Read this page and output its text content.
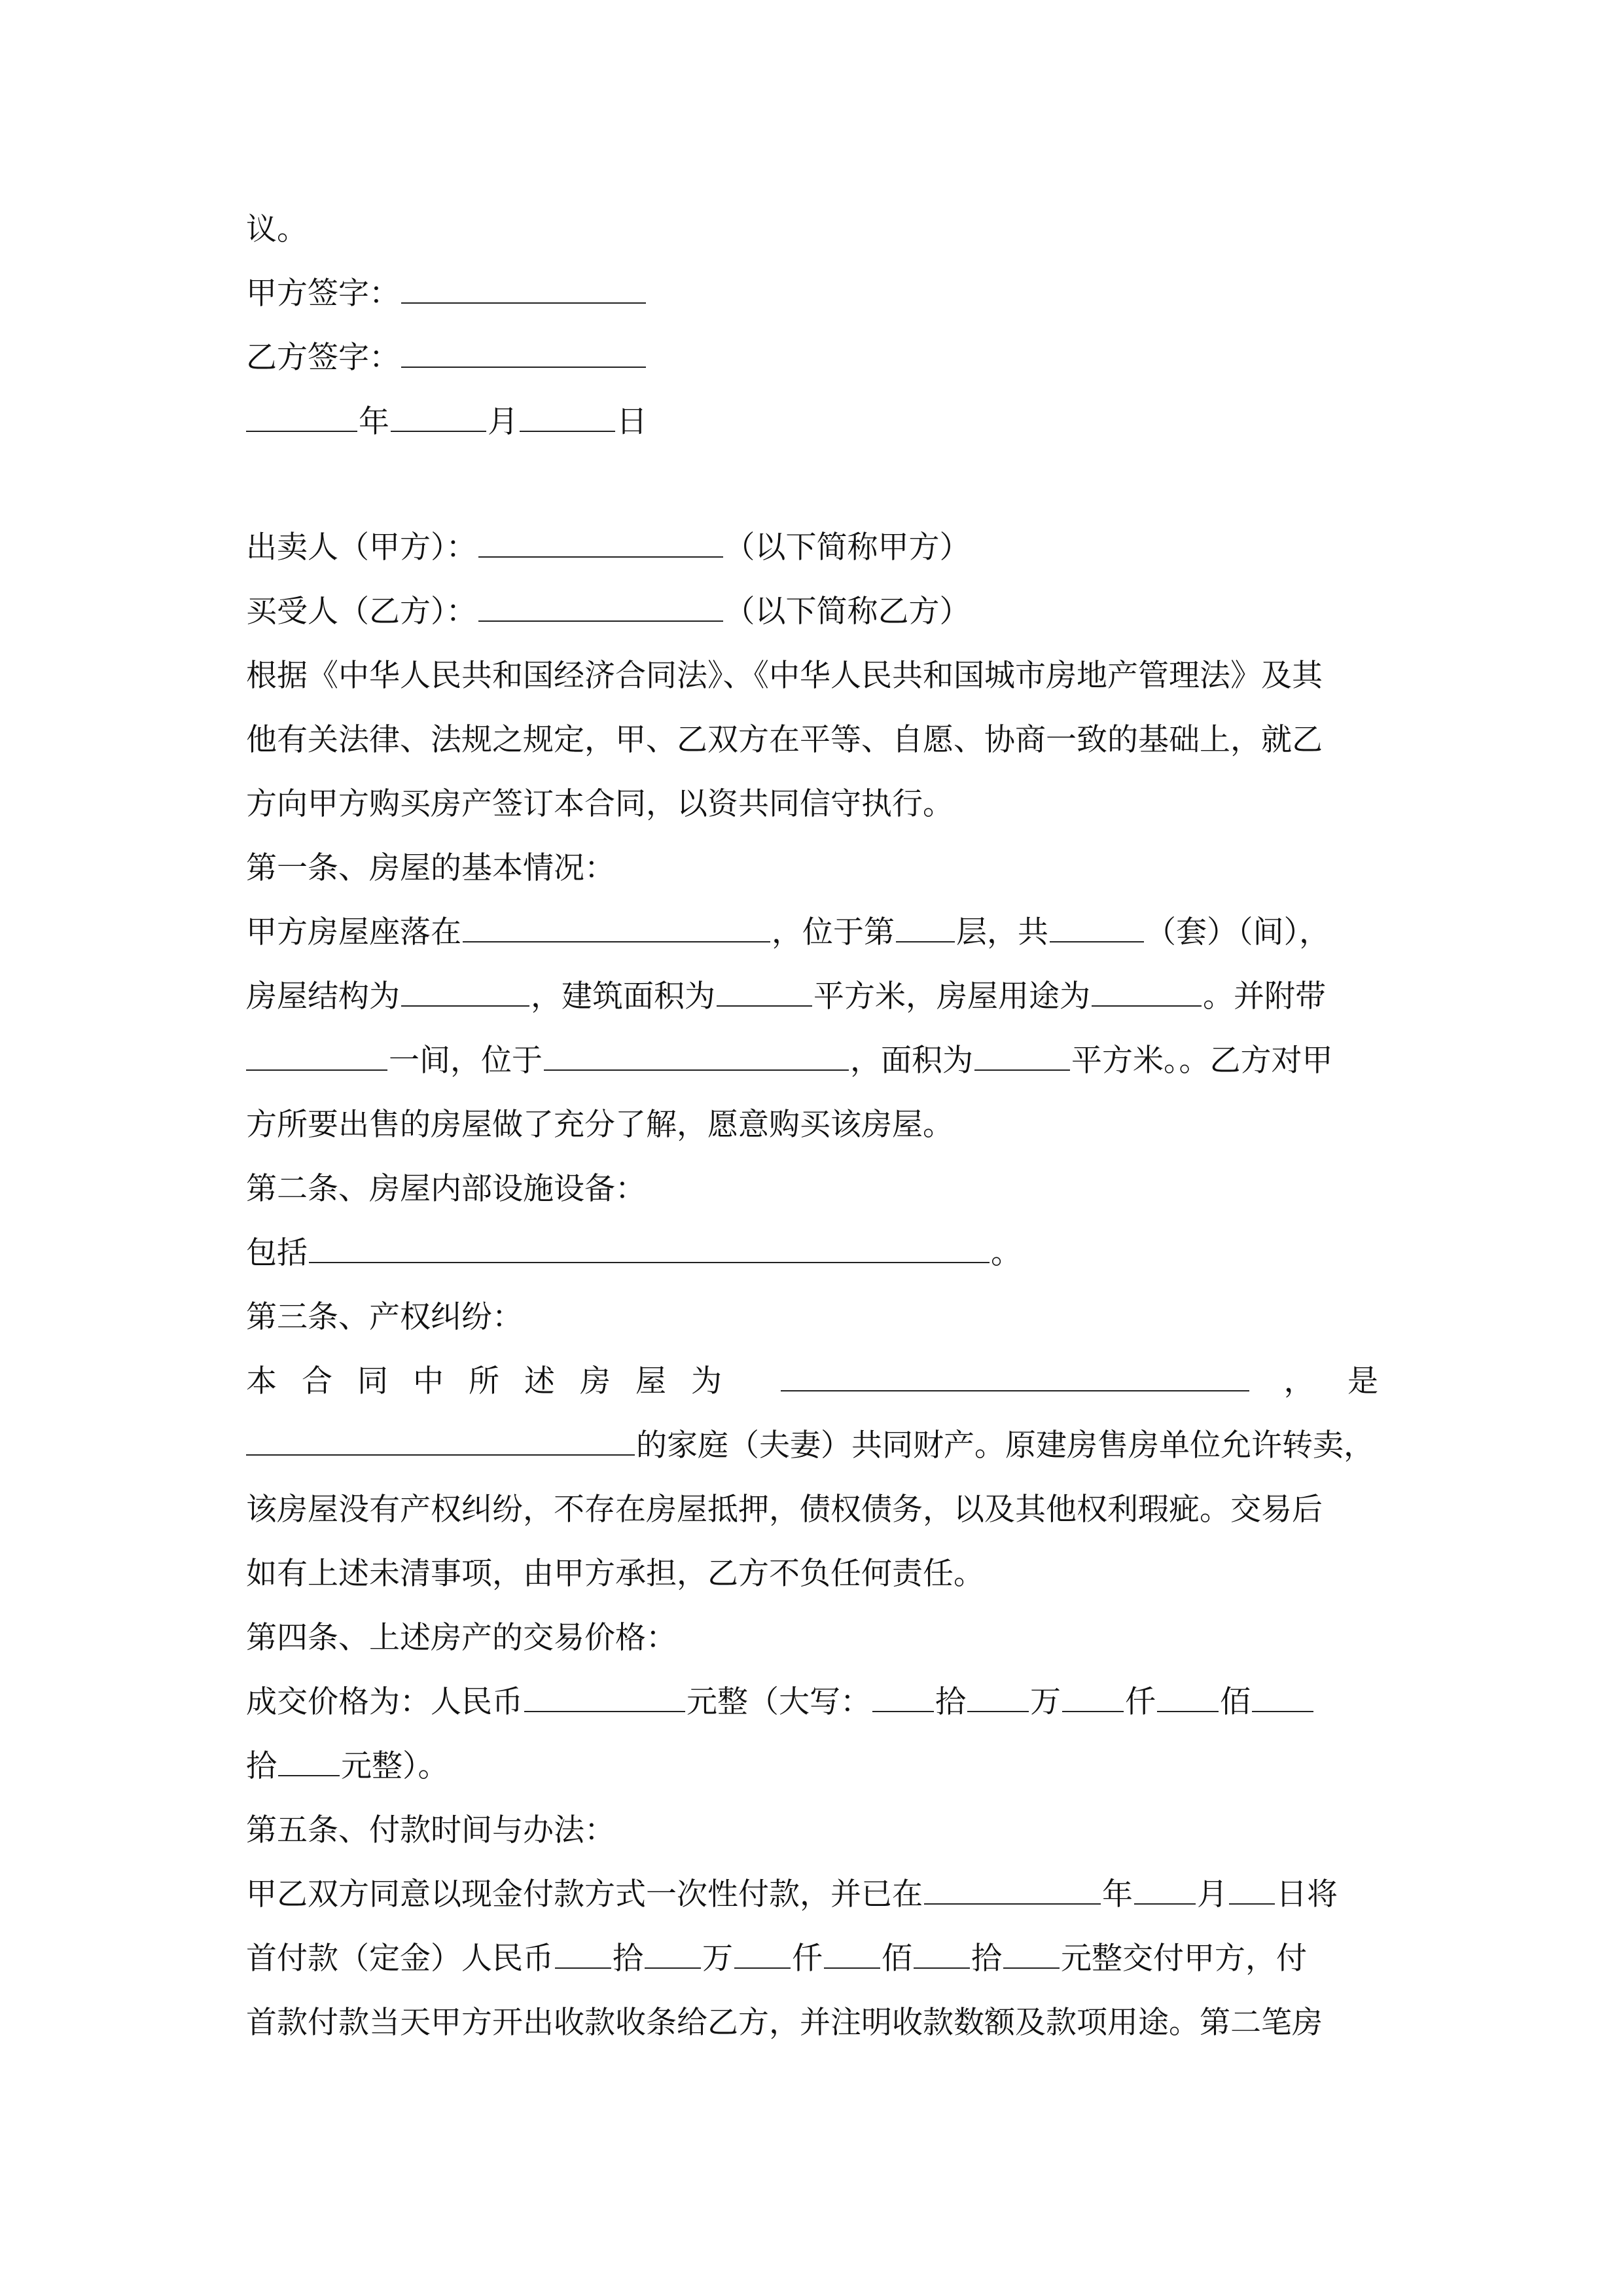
议。
甲方签字：
乙方签字：
年	月	日
出卖人（甲方）：	（以下简称甲方）
买受人（乙方）：	（以下简称乙方）
根据《中华人民共和国经济合同法》、《中华人民共和国城市房地产管理法》及其
他有关法律、法规之规定，甲、乙双方在平等、自愿、协商一致的基础上，就乙
方向甲方购买房产签订本合同，以资共同信守执行。
第一条、房屋的基本情况：
甲方房屋座落在	，位于第 层，共	（套）（间），
房屋结构为	，建筑面积为	平方米，房屋用途为	。并附带
一间，位于	，面积为	平方米。。乙方对甲
方所要出售的房屋做了充分了解，愿意购买该房屋。
第二条、房屋内部设施设备：
包括	。
第三条、产权纠纷：
本合同中所述房屋为	， 是
的家庭（夫妻）共同财产。原建房售房单位允许转卖，
该房屋没有产权纠纷，不存在房屋抵押，债权债务，以及其他权利瑕疵。交易后
如有上述未清事项，由甲方承担，乙方不负任何责任。
第四条、上述房产的交易价格：
成交价格为：人民币	元整（大写： 拾 万 仟 佰
拾 元整）。
第五条、付款时间与办法：
甲乙双方同意以现金付款方式一次性付款，并已在	年 月 日将
首付款（定金）人民币 拾 万 仟 佰 拾 元整交付甲方，付
首款付款当天甲方开出收款收条给乙方，并注明收款数额及款项用途。第二笔房
